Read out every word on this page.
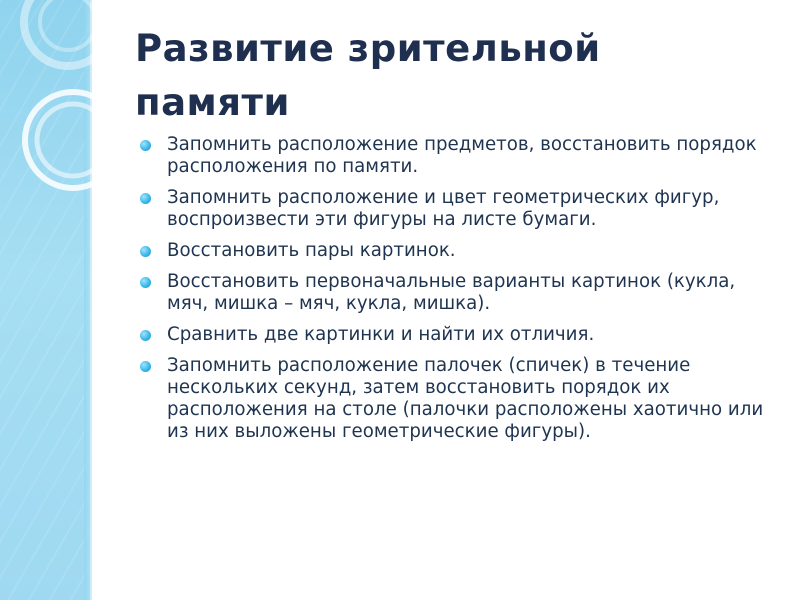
Развитие зрительной памяти
Запомнить расположение предметов, восстановить порядок расположения по памяти.
Запомнить расположение и цвет геометрических фигур, воспроизвести эти фигуры на листе бумаги.
Восстановить пары картинок.
Восстановить первоначальные варианты картинок (кукла, мяч, мишка – мяч, кукла, мишка).
Сравнить две картинки и найти их отличия.
Запомнить расположение палочек (спичек) в течение нескольких секунд, затем восстановить порядок их расположения на столе (палочки расположены хаотично или из них выложены геометрические фигуры).
